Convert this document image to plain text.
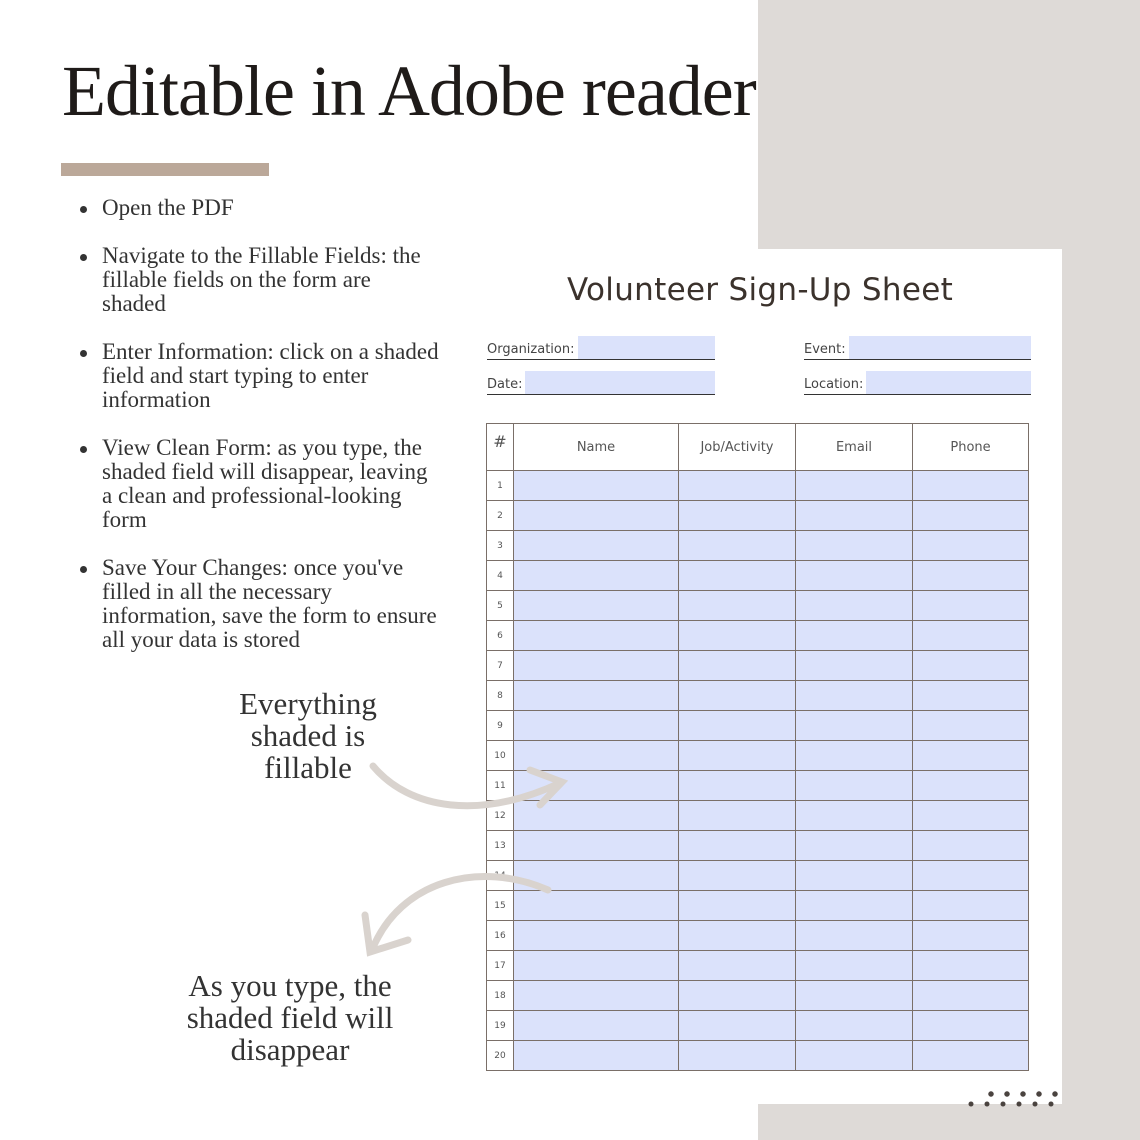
Editable in Adobe reader
Open the PDF
Navigate to the Fillable Fields: the fillable fields on the form are shaded
Enter Information: click on a shaded field and start typing to enter information
View Clean Form: as you type, the shaded field will disappear, leaving a clean and professional-looking form
Save Your Changes: once you've filled in all the necessary information, save the form to ensure all your data is stored
Everything shaded is fillable
As you type, the shaded field will disappear
Volunteer Sign-Up Sheet
Organization:	Event:
Date:	Location:
#	Name	Job/Activity	Email	Phone
1				
2				
3				
4				
5				
6				
7				
8				
9				
10				
11				
12				
13				
14				
15				
16				
17				
18				
19				
20				
